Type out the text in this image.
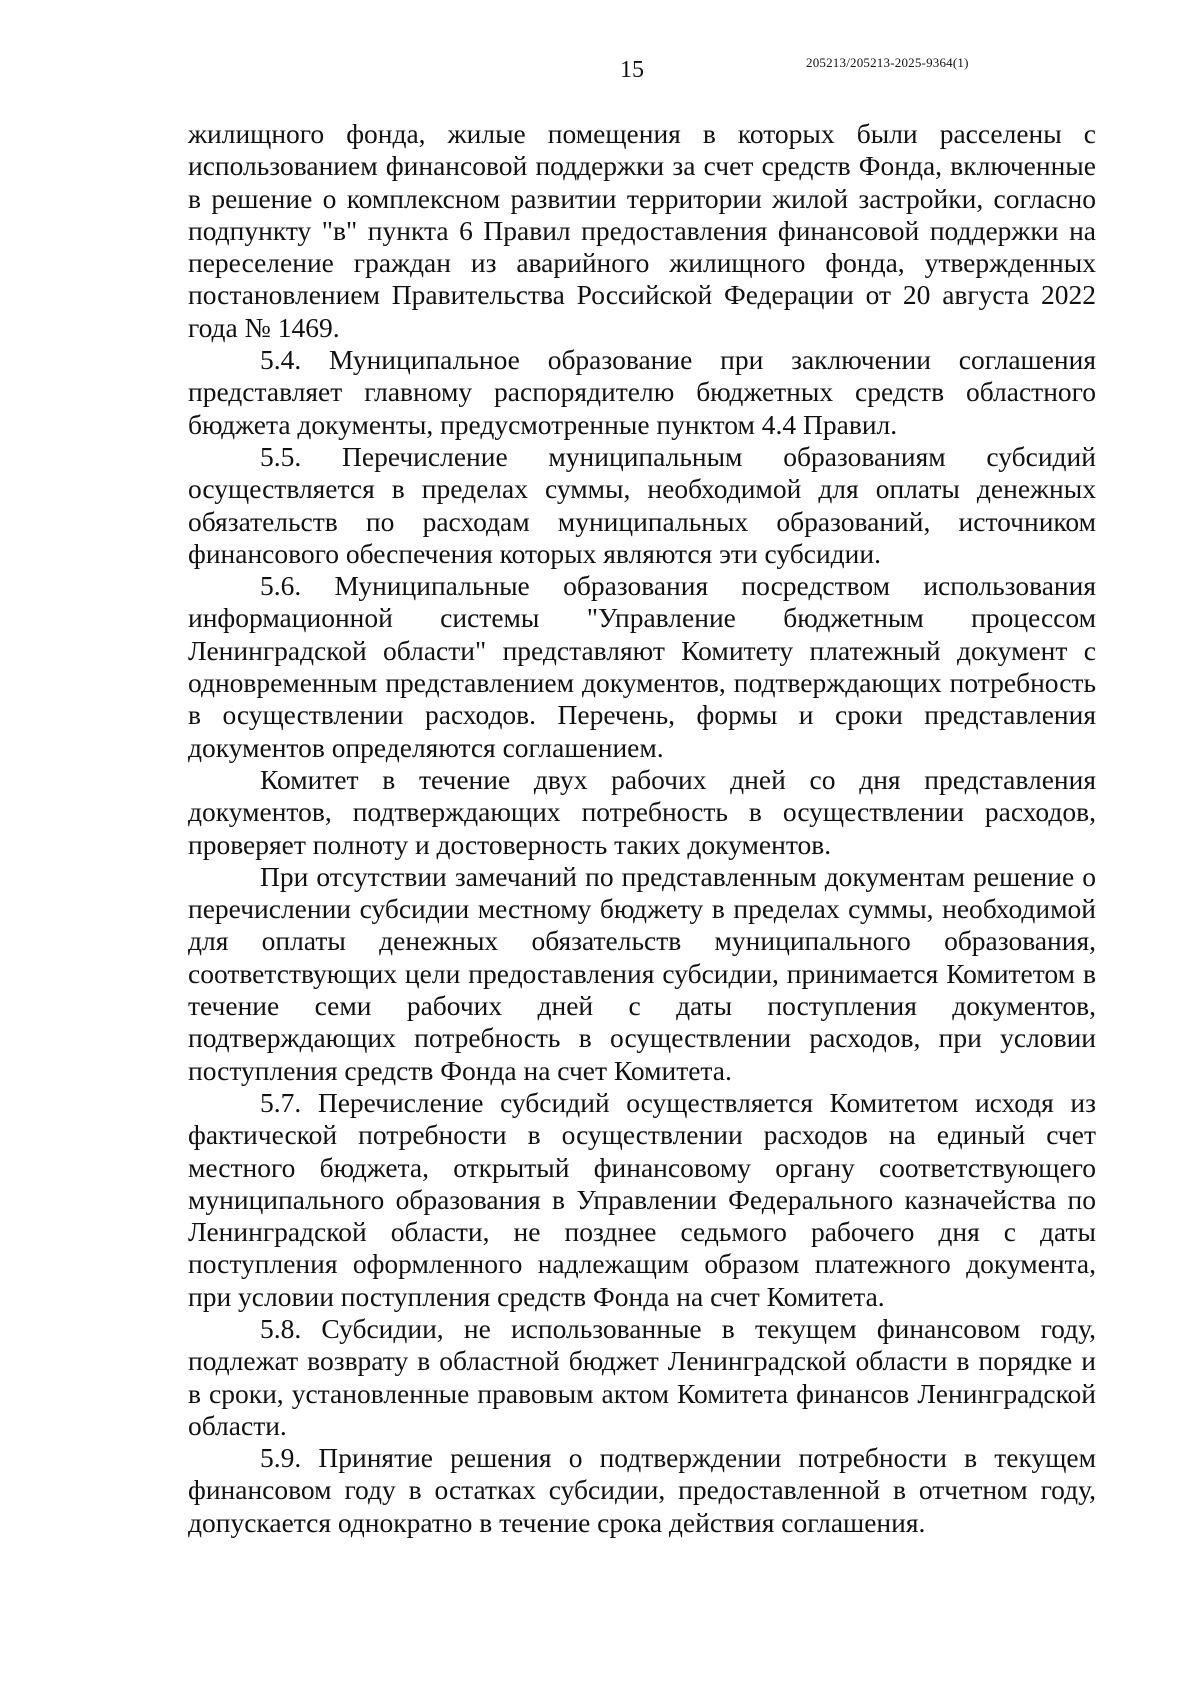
15	205213/205213-2025-9364(1)

жилищного фонда, жилые помещения в которых были расселены с использованием финансовой поддержки за счет средств Фонда, включенные в решение о комплексном развитии территории жилой застройки, согласно подпункту "в" пункта 6 Правил предоставления финансовой поддержки на переселение граждан из аварийного жилищного фонда, утвержденных постановлением Правительства Российской Федерации от 20 августа 2022 года № 1469.

5.4. Муниципальное образование при заключении соглашения представляет главному распорядителю бюджетных средств областного бюджета документы, предусмотренные пунктом 4.4 Правил.

5.5. Перечисление муниципальным образованиям субсидий осуществляется в пределах суммы, необходимой для оплаты денежных обязательств по расходам муниципальных образований, источником финансового обеспечения которых являются эти субсидии.

5.6. Муниципальные образования посредством использования информационной системы "Управление бюджетным процессом Ленинградской области" представляют Комитету платежный документ с одновременным представлением документов, подтверждающих потребность в осуществлении расходов. Перечень, формы и сроки представления документов определяются соглашением.

Комитет в течение двух рабочих дней со дня представления документов, подтверждающих потребность в осуществлении расходов, проверяет полноту и достоверность таких документов.

При отсутствии замечаний по представленным документам решение о перечислении субсидии местному бюджету в пределах суммы, необходимой для оплаты денежных обязательств муниципального образования, соответствующих цели предоставления субсидии, принимается Комитетом в течение семи рабочих дней с даты поступления документов, подтверждающих потребность в осуществлении расходов, при условии поступления средств Фонда на счет Комитета.

5.7. Перечисление субсидий осуществляется Комитетом исходя из фактической потребности в осуществлении расходов на единый счет местного бюджета, открытый финансовому органу соответствующего муниципального образования в Управлении Федерального казначейства по Ленинградской области, не позднее седьмого рабочего дня с даты поступления оформленного надлежащим образом платежного документа, при условии поступления средств Фонда на счет Комитета.

5.8. Субсидии, не использованные в текущем финансовом году, подлежат возврату в областной бюджет Ленинградской области в порядке и в сроки, установленные правовым актом Комитета финансов Ленинградской области.

5.9. Принятие решения о подтверждении потребности в текущем финансовом году в остатках субсидии, предоставленной в отчетном году, допускается однократно в течение срока действия соглашения.
